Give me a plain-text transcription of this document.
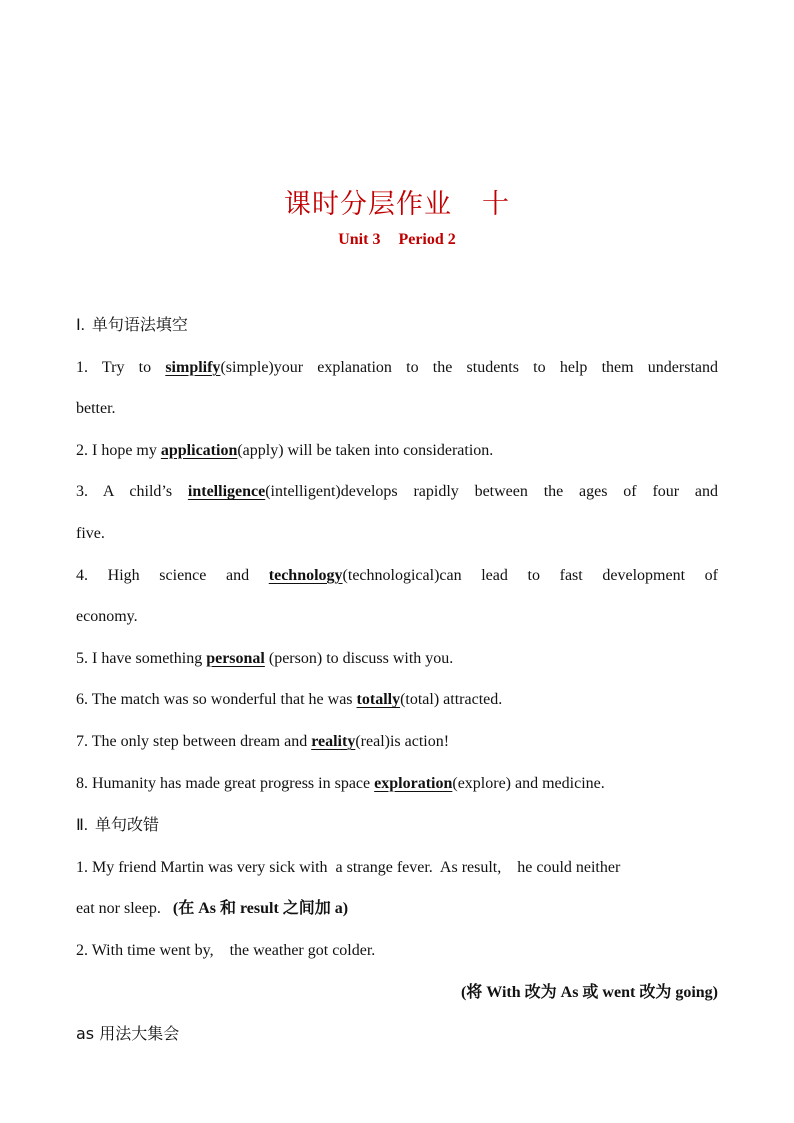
课时分层作业 十
Unit 3 Period 2

Ⅰ. 单句语法填空

1. Try to simplify(simple)your explanation to the students to help them understand

better.

2. I hope my application(apply) will be taken into consideration.

3. A child’s intelligence(intelligent)develops rapidly between the ages of four and

five.

4. High science and technology(technological)can lead to fast development of

economy.

5. I have something personal (person) to discuss with you.

6. The match was so wonderful that he was totally(total) attracted.

7. The only step between dream and reality(real)is action!

8. Humanity has made great progress in space exploration(explore) and medicine.

Ⅱ. 单句改错

1. My friend Martin was very sick with  a strange fever.  As result,    he could neither

eat nor sleep.   (在 As 和 result 之间加 a)

2. With time went by,    the weather got colder.

(将 With 改为 As 或 went 改为 going)

as 用法大集会
